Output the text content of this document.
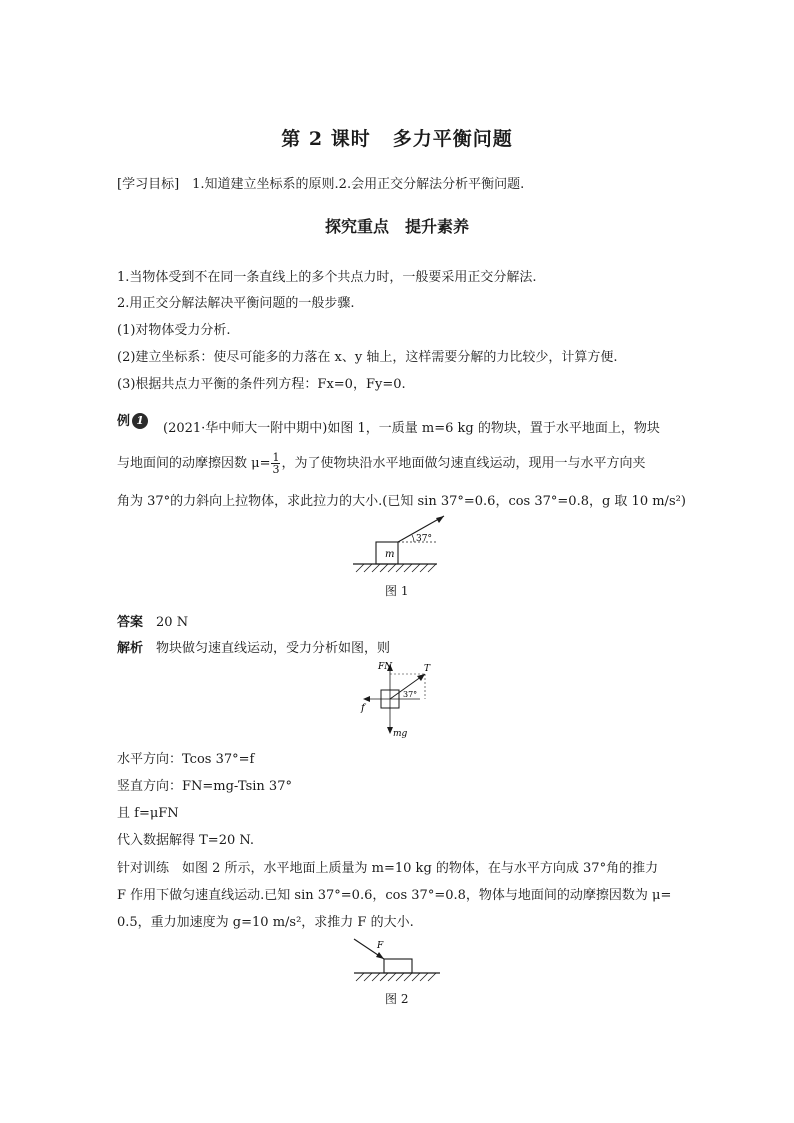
第 2 课时 多力平衡问题
[学习目标]　1.知道建立坐标系的原则.2.会用正交分解法分析平衡问题.
探究重点 提升素养
1.当物体受到不在同一条直线上的多个共点力时，一般要采用正交分解法.
2.用正交分解法解决平衡问题的一般步骤.
(1)对物体受力分析.
(2)建立坐标系：使尽可能多的力落在 x、y 轴上，这样需要分解的力比较少，计算方便.
(3)根据共点力平衡的条件列方程：Fx=0，Fy=0.
例 1
(2021·华中师大一附中期中)如图 1，一质量 m=6 kg 的物块，置于水平地面上，物块
与地面间的动摩擦因数 $\mu= \frac{1}{3}$ ，为了使物块沿水平地面做匀速直线运动，现用一与水平方向夹
角为 37°的力斜向上拉物体，求此拉力的大小.(已知 sin 37°=0.6，cos 37°=0.8，g 取 10 m/s²)
m
37°
图 1
答案　 20 N
解析　 物块做匀速直线运动，受力分析如图，则
FN	T
37°
f
mg
水平方向：Tcos 37°=f
竖直方向：FN=mg-Tsin 37°
且 f=μFN
代入数据解得 T=20 N.
针对训练　如图 2 所示，水平地面上质量为 m=10 kg 的物体，在与水平方向成 37°角的推力
F 作用下做匀速直线运动.已知 sin 37°=0.6，cos 37°=0.8，物体与地面间的动摩擦因数为 μ=
0.5，重力加速度为 g=10 m/s²，求推力 F 的大小.
F
图 2
